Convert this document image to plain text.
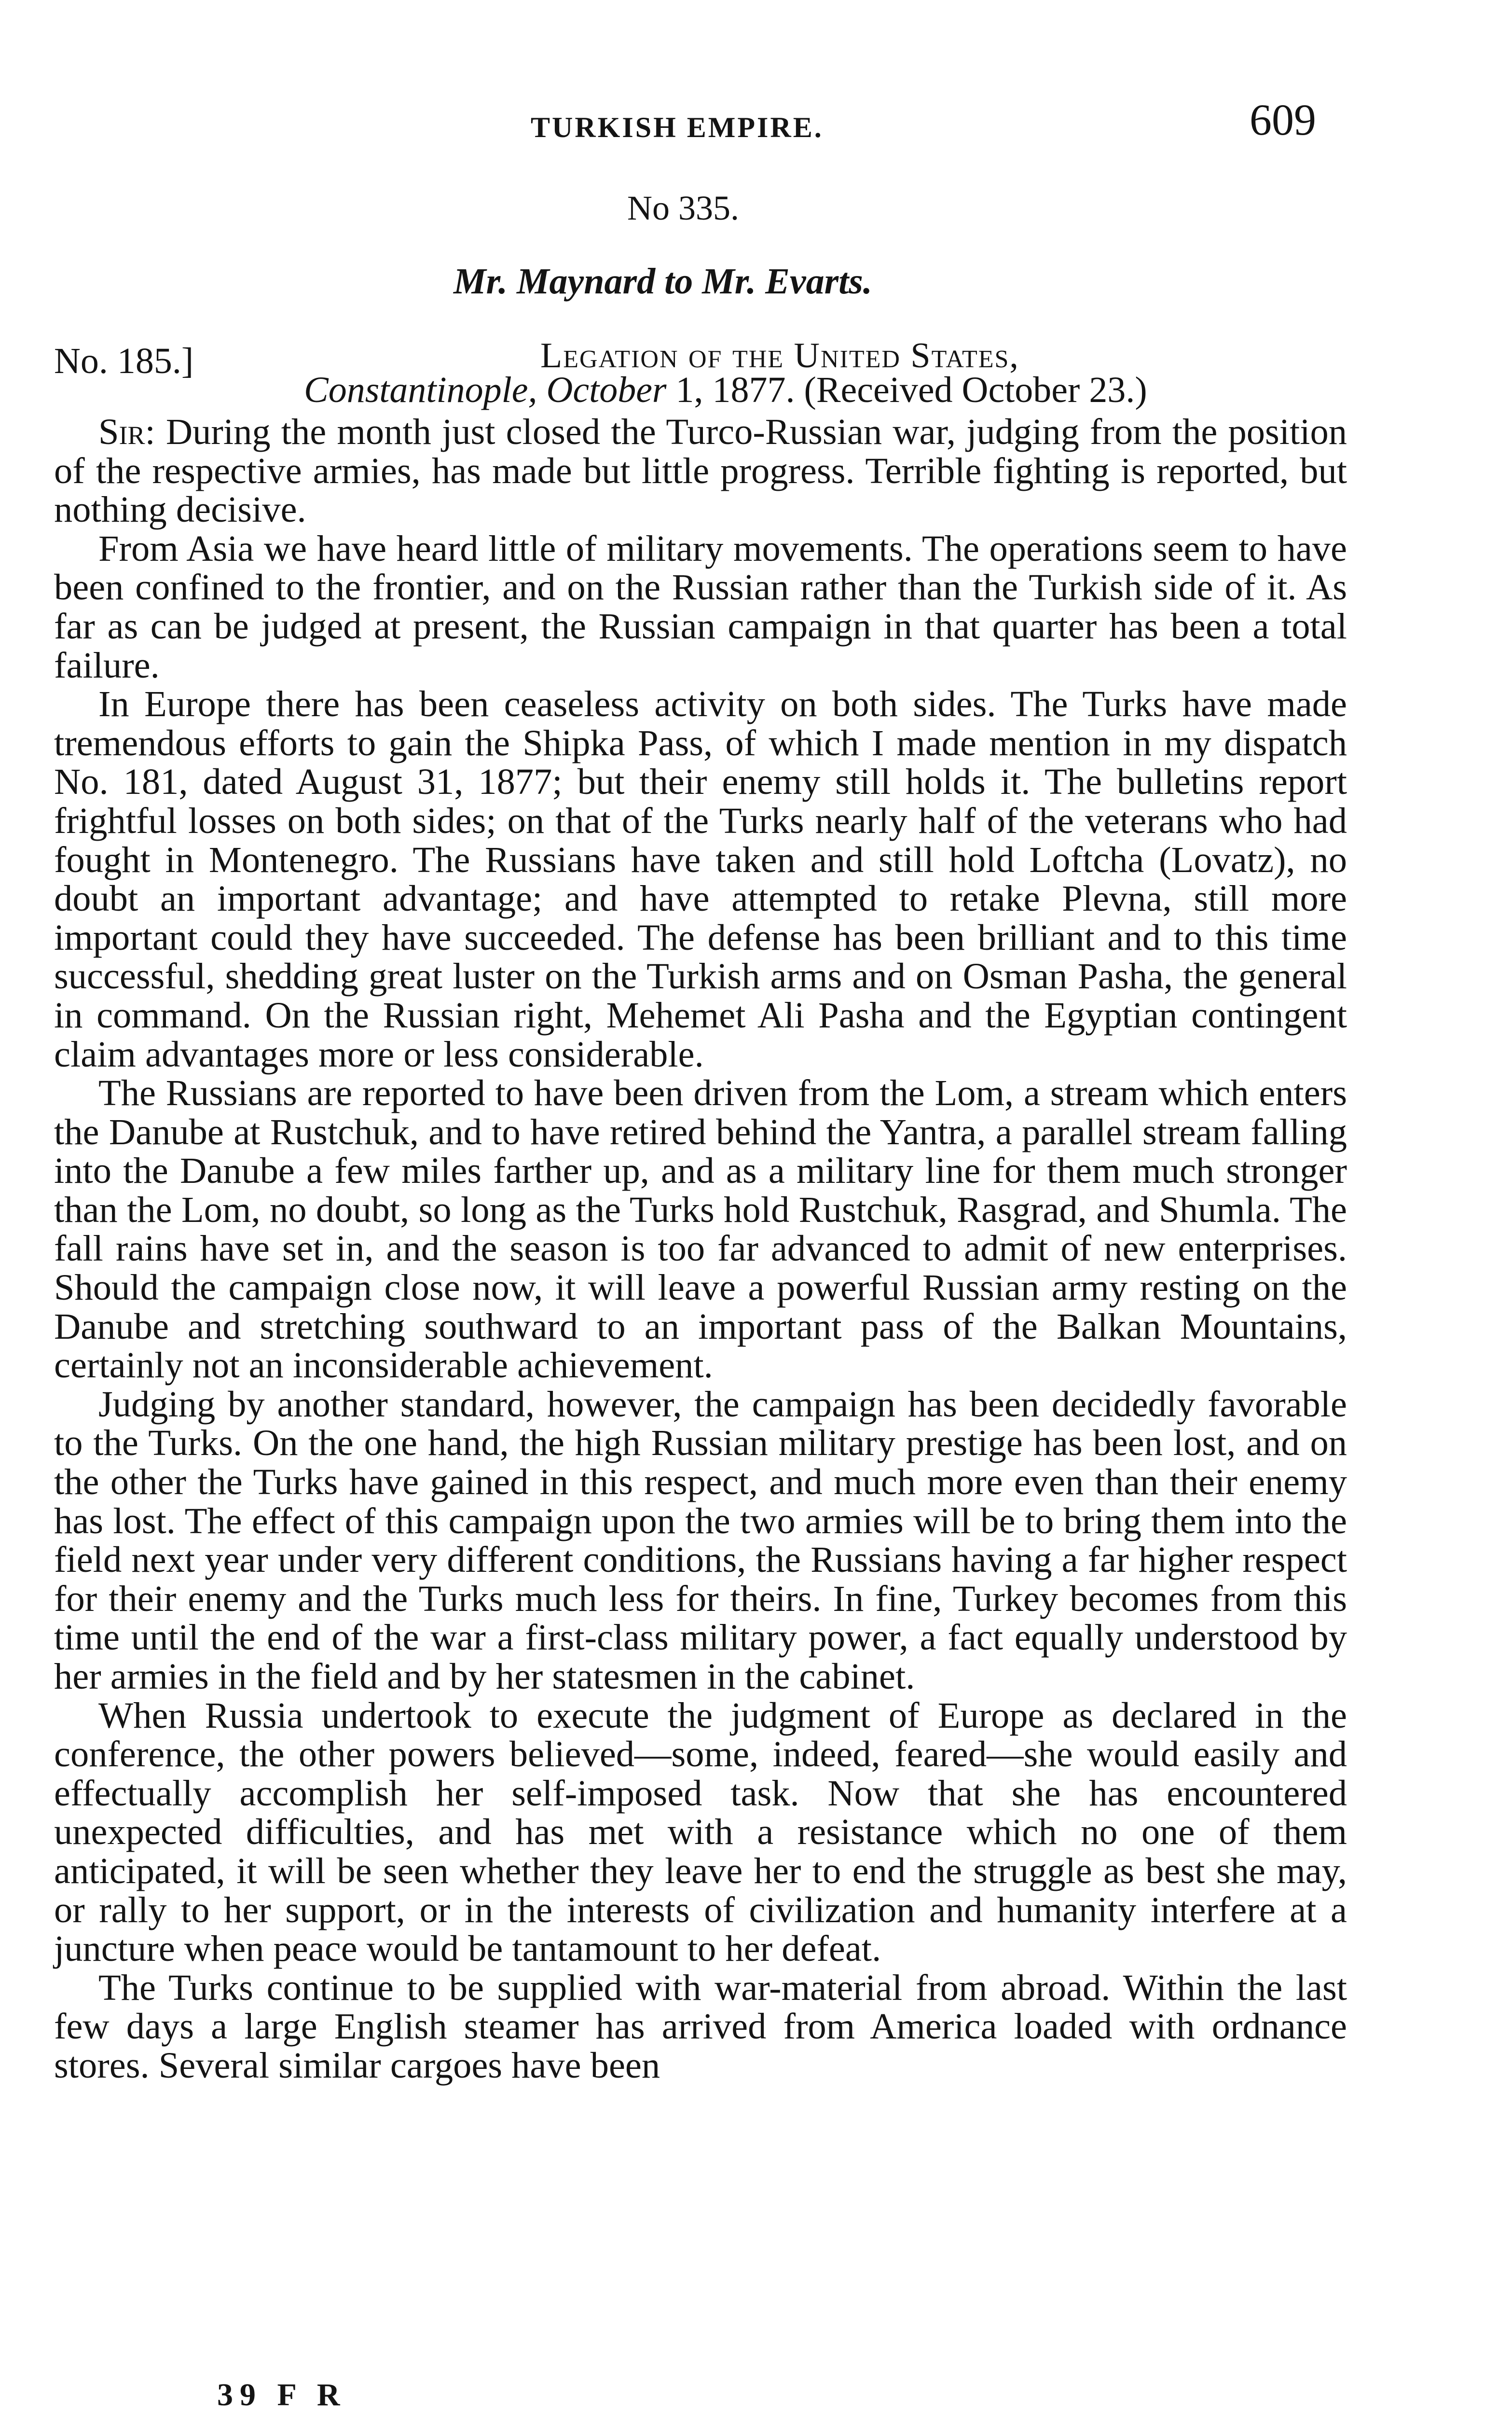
TURKISH EMPIRE.	609
No 335.
Mr. Maynard to Mr. Evarts.
No. 185.]	Legation of the United States,
Constantinople, October 1, 1877. (Received October 23.)

Sir: During the month just closed the Turco-Russian war, judging from the position of the respective armies, has made but little progress. Terrible fighting is reported, but nothing decisive.

From Asia we have heard little of military movements. The operations seem to have been confined to the frontier, and on the Russian rather than the Turkish side of it. As far as can be judged at present, the Russian campaign in that quarter has been a total failure.

In Europe there has been ceaseless activity on both sides. The Turks have made tremendous efforts to gain the Shipka Pass, of which I made mention in my dispatch No. 181, dated August 31, 1877; but their enemy still holds it. The bulletins report frightful losses on both sides; on that of the Turks nearly half of the veterans who had fought in Montenegro. The Russians have taken and still hold Loftcha (Lovatz), no doubt an important advantage; and have attempted to retake Plevna, still more important could they have succeeded. The defense has been brilliant and to this time successful, shedding great luster on the Turkish arms and on Osman Pasha, the general in command. On the Russian right, Mehemet Ali Pasha and the Egyptian contingent claim advantages more or less considerable.

The Russians are reported to have been driven from the Lom, a stream which enters the Danube at Rustchuk, and to have retired behind the Yantra, a parallel stream falling into the Danube a few miles farther up, and as a military line for them much stronger than the Lom, no doubt, so long as the Turks hold Rustchuk, Rasgrad, and Shumla. The fall rains have set in, and the season is too far advanced to admit of new enterprises. Should the campaign close now, it will leave a powerful Russian army resting on the Danube and stretching southward to an important pass of the Balkan Mountains, certainly not an inconsiderable achievement.

Judging by another standard, however, the campaign has been decidedly favorable to the Turks. On the one hand, the high Russian military prestige has been lost, and on the other the Turks have gained in this respect, and much more even than their enemy has lost. The effect of this campaign upon the two armies will be to bring them into the field next year under very different conditions, the Russians having a far higher respect for their enemy and the Turks much less for theirs. In fine, Turkey becomes from this time until the end of the war a first-class military power, a fact equally understood by her armies in the field and by her statesmen in the cabinet.

When Russia undertook to execute the judgment of Europe as declared in the conference, the other powers believed—some, indeed, feared—she would easily and effectually accomplish her self-imposed task. Now that she has encountered unexpected difficulties, and has met with a resistance which no one of them anticipated, it will be seen whether they leave her to end the struggle as best she may, or rally to her support, or in the interests of civilization and humanity interfere at a juncture when peace would be tantamount to her defeat.

The Turks continue to be supplied with war-material from abroad. Within the last few days a large English steamer has arrived from America loaded with ordnance stores. Several similar cargoes have been

39 F R
